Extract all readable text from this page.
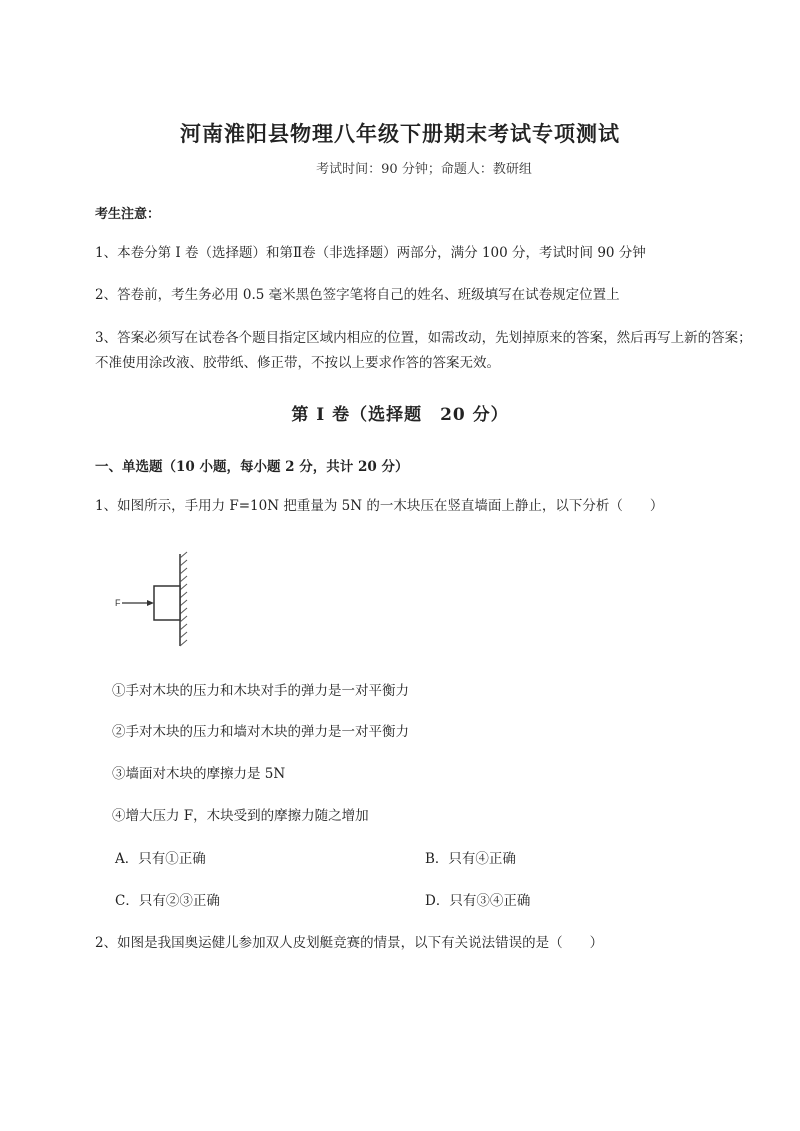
河南淮阳县物理八年级下册期末考试专项测试
考试时间：90 分钟；命题人：教研组
考生注意：
1、本卷分第 I 卷（选择题）和第Ⅱ卷（非选择题）两部分，满分 100 分，考试时间 90 分钟
2、答卷前，考生务必用 0.5 毫米黑色签字笔将自己的姓名、班级填写在试卷规定位置上
3、答案必须写在试卷各个题目指定区域内相应的位置，如需改动，先划掉原来的答案，然后再写上新的答案；不准使用涂改液、胶带纸、修正带，不按以上要求作答的答案无效。
第 I 卷（选择题　20 分）
一、单选题（10 小题，每小题 2 分，共计 20 分）
1、如图所示，手用力 F=10N 把重量为 5N 的一木块压在竖直墙面上静止，以下分析（　　）
F
①手对木块的压力和木块对手的弹力是一对平衡力
②手对木块的压力和墙对木块的弹力是一对平衡力
③墙面对木块的摩擦力是 5N
④增大压力 F，木块受到的摩擦力随之增加
A．只有①正确	B．只有④正确
C．只有②③正确	D．只有③④正确
2、如图是我国奥运健儿参加双人皮划艇竞赛的情景，以下有关说法错误的是（　　）
